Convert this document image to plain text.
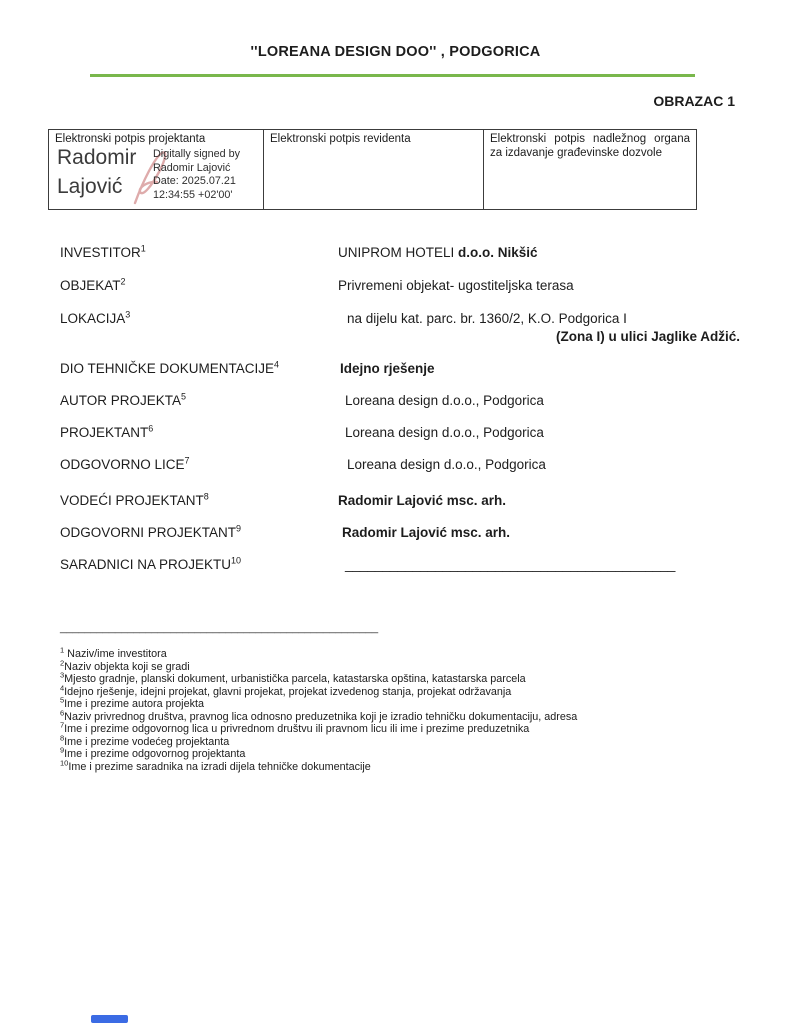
''LOREANA DESIGN DOO'' , PODGORICA
OBRAZAC 1
Elektronski potpis projektanta
Radomir
Lajović
Digitally signed by
Radomir Lajović
Date: 2025.07.21
12:34:55 +02'00'
	Elektronski potpis revidenta	Elektronski potpis nadležnog organa za izdavanje građevinske dozvole
INVESTITOR$^1$	UNIPROM HOTELI d.o.o. Nikšić
OBJEKAT$^2$	Privremeni objekat- ugostiteljska terasa
LOKACIJA$^3$	na dijelu kat. parc. br. 1360/2, K.O. Podgorica I
(Zona I) u ulici Jaglike Adžić.
DIO TEHNIČKE DOKUMENTACIJE$^4$	Idejno rješenje
AUTOR PROJEKTA$^5$	Loreana design d.o.o., Podgorica
PROJEKTANT$^6$	Loreana design d.o.o., Podgorica
ODGOVORNO LICE$^7$	Loreana design d.o.o., Podgorica
VODEĆI PROJEKTANT$^8$	Radomir Lajović msc. arh.
ODGOVORNI PROJEKTANT$^9$	Radomir Lajović msc. arh.
SARADNICI NA PROJEKTU$^{10}$	____________________________________________
____________________________________________________
$^1$ Naziv/ime investitora
$^2$Naziv objekta koji se gradi
$^3$Mjesto gradnje, planski dokument, urbanistička parcela, katastarska opština, katastarska parcela
$^4$Idejno rješenje, idejni projekat, glavni projekat, projekat izvedenog stanja, projekat održavanja
$^5$Ime i prezime autora projekta
$^6$Naziv privrednog društva, pravnog lica odnosno preduzetnika koji je izradio tehničku dokumentaciju, adresa
$^7$Ime i prezime odgovornog lica u privrednom društvu ili pravnom licu ili ime i prezime preduzetnika
$^8$Ime i prezime vodećeg projektanta
$^9$Ime i prezime odgovornog projektanta
$^{10}$Ime i prezime saradnika na izradi dijela tehničke dokumentacije
